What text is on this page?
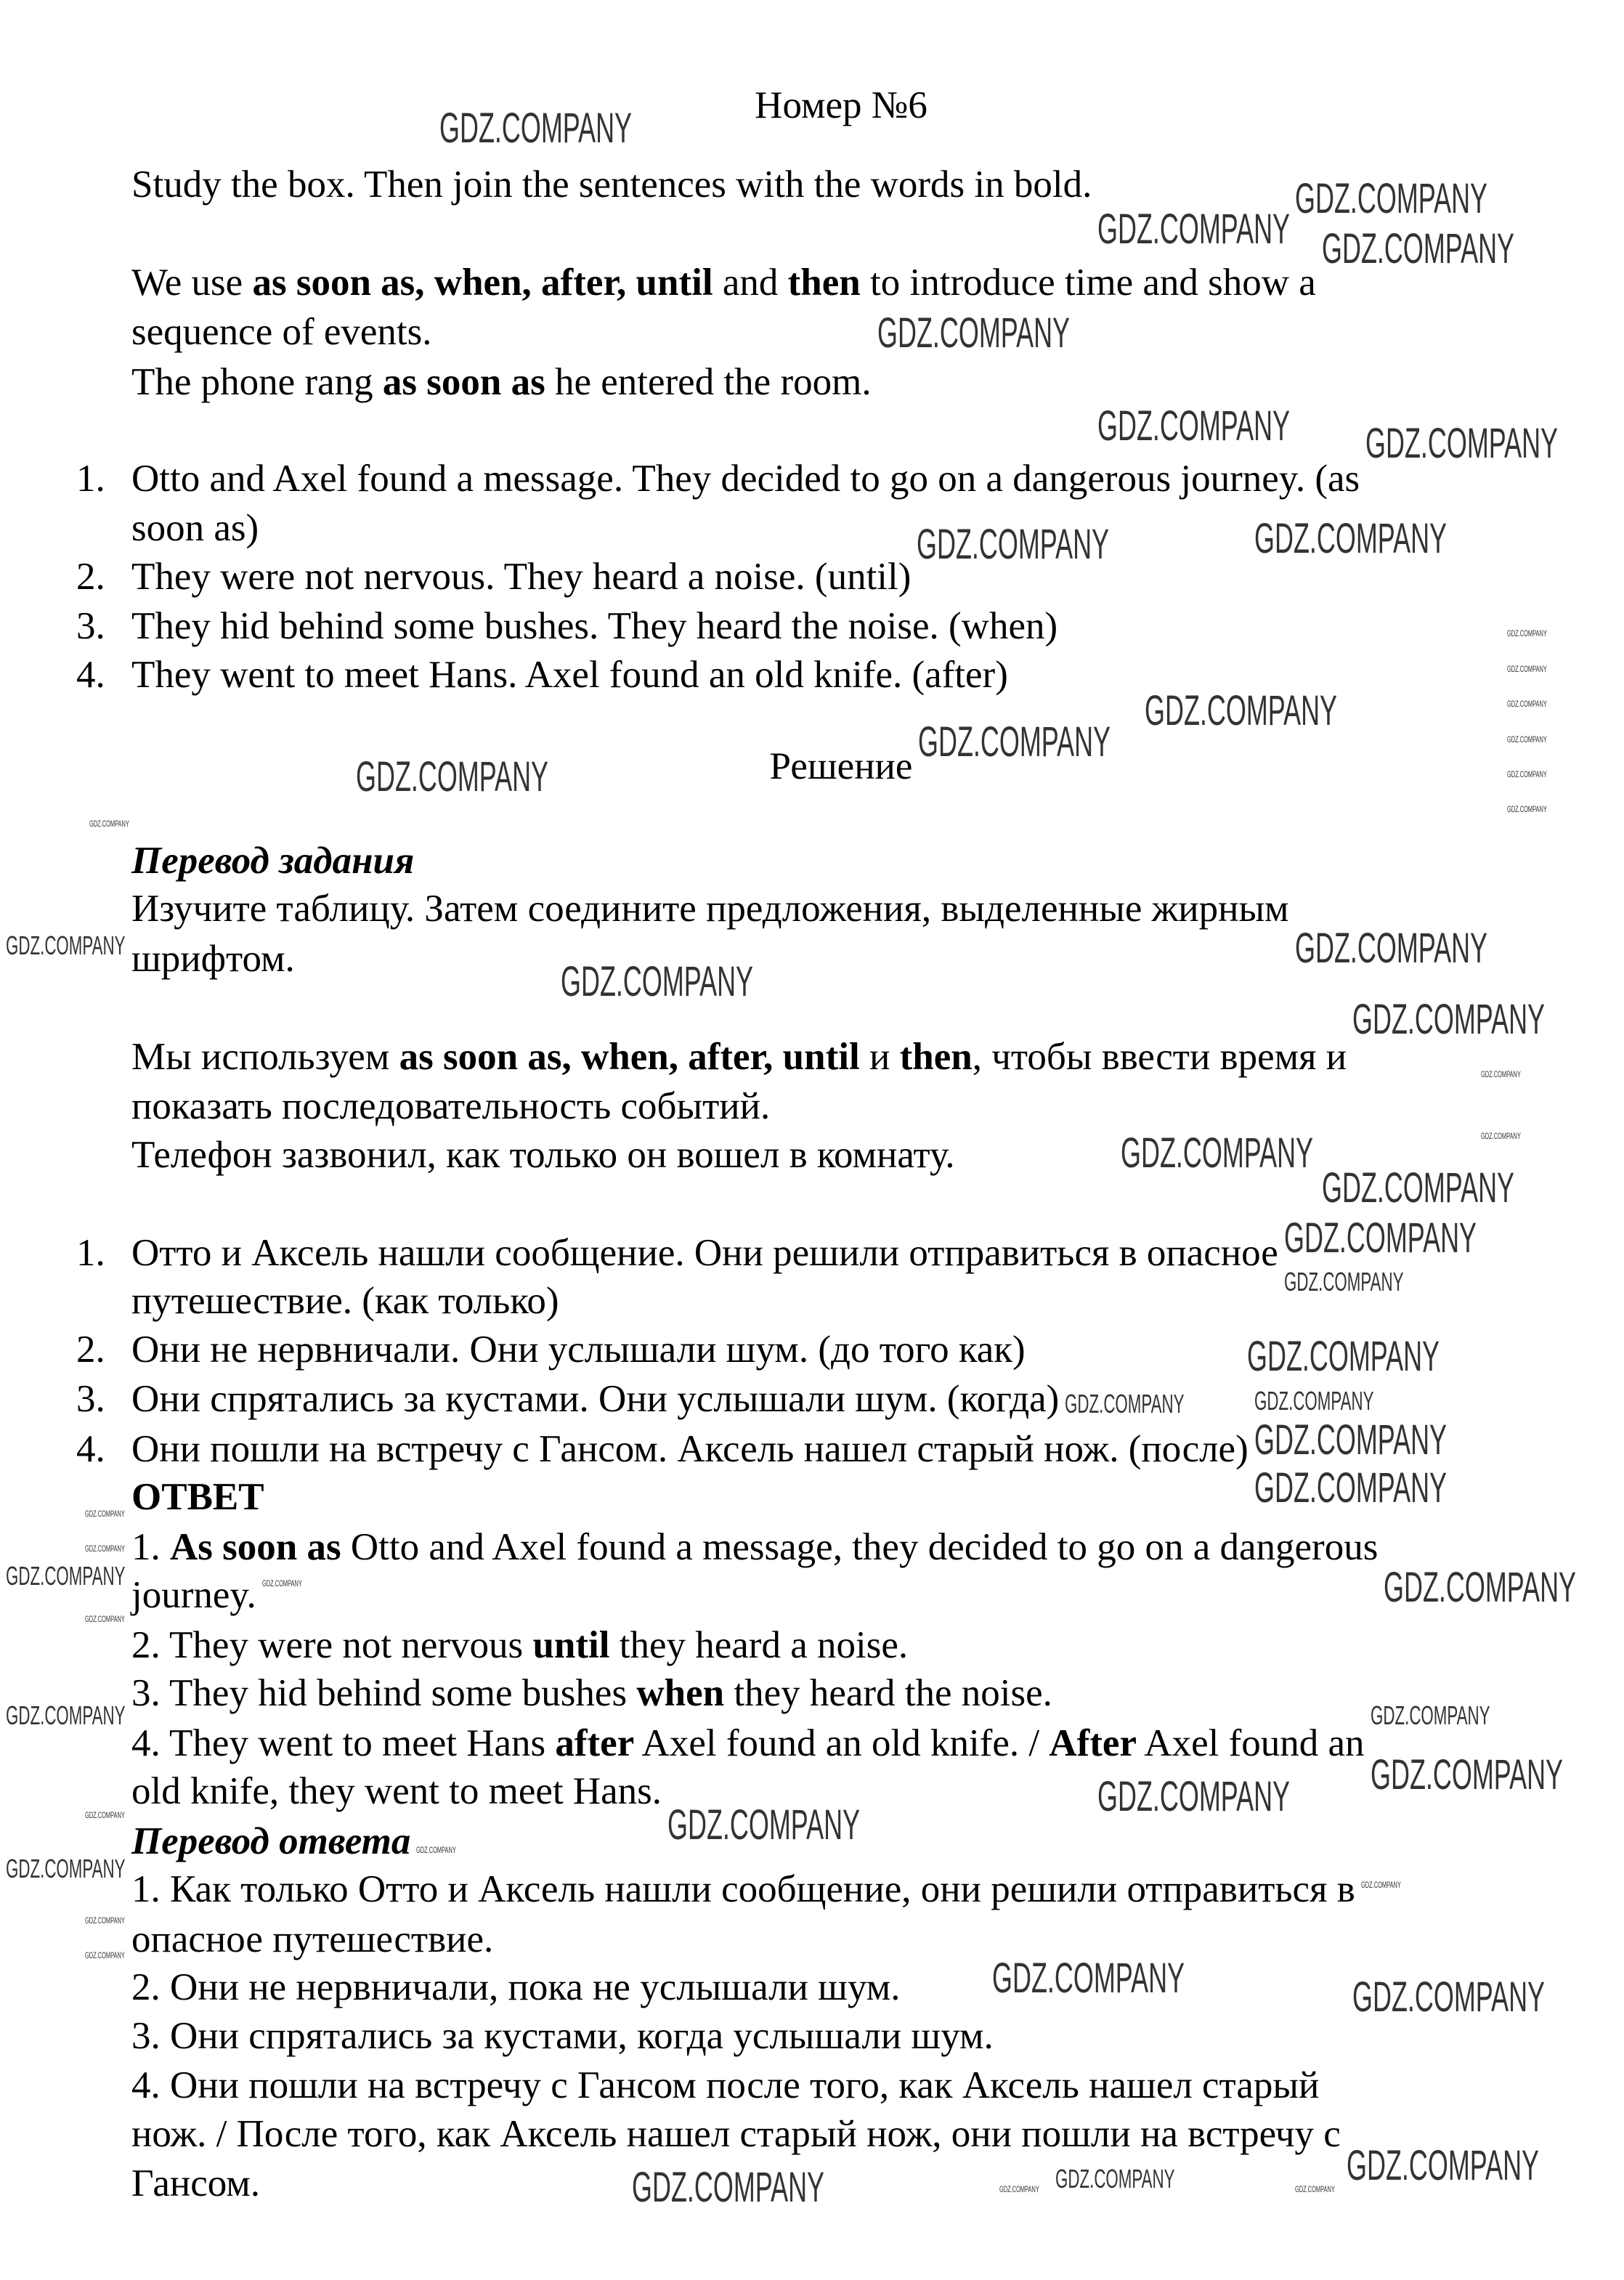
Номер №6
Решение
Study the box. Then join the sentences with the words in bold.
We use as soon as, when, after, until and then to introduce time and show a
sequence of events.
The phone rang as soon as he entered the room.
1. Otto and Axel found a message. They decided to go on a dangerous journey. (as
soon as)
2. They were not nervous. They heard a noise. (until)
3. They hid behind some bushes. They heard the noise. (when)
4. They went to meet Hans. Axel found an old knife. (after)
Перевод задания
Изучите таблицу. Затем соедините предложения, выделенные жирным
шрифтом.
Мы используем as soon as, when, after, until и then, чтобы ввести время и
показать последовательность событий.
Телефон зазвонил, как только он вошел в комнату.
1. Отто и Аксель нашли сообщение. Они решили отправиться в опасное
путешествие. (как только)
2. Они не нервничали. Они услышали шум. (до того как)
3. Они спрятались за кустами. Они услышали шум. (когда)
4. Они пошли на встречу с Гансом. Аксель нашел старый нож. (после)
ОТВЕТ
1. As soon as Otto and Axel found a message, they decided to go on a dangerous
journey.
2. They were not nervous until they heard a noise.
3. They hid behind some bushes when they heard the noise.
4. They went to meet Hans after Axel found an old knife. / After Axel found an
old knife, they went to meet Hans.
Перевод ответа
1. Как только Отто и Аксель нашли сообщение, они решили отправиться в
опасное путешествие.
2. Они не нервничали, пока не услышали шум.
3. Они спрятались за кустами, когда услышали шум.
4. Они пошли на встречу с Гансом после того, как Аксель нашел старый
нож. / После того, как Аксель нашел старый нож, они пошли на встречу с
Гансом.
GDZ.COMPANY
GDZ.COMPANY
GDZ.COMPANY
GDZ.COMPANY
GDZ.COMPANY
GDZ.COMPANY
GDZ.COMPANY
GDZ.COMPANY	GDZ.COMPANY
GDZ.COMPANY
GDZ.COMPANY
GDZ.COMPANY
GDZ.COMPANY
GDZ.COMPANY
GDZ.COMPANY
GDZ.COMPANY
GDZ.COMPANY
GDZ.COMPANY
GDZ.COMPANY
GDZ.COMPANY
GDZ.COMPANY
GDZ.COMPANY
GDZ.COMPANY
GDZ.COMPANY
GDZ.COMPANY
GDZ.COMPANY	GDZ.COMPANY
GDZ.COMPANY
GDZ.COMPANY
GDZ.COMPANY
GDZ.COMPANY
GDZ.COMPANY
GDZ.COMPANY
GDZ.COMPANY
GDZ.COMPANY	GDZ.COMPANY
GDZ.COMPANY	GDZ.COMPANY
GDZ.COMPANY
GDZ.COMPANY
GDZ.COMPANY
GDZ.COMPANY
GDZ.COMPANY
GDZ.COMPANY
GDZ.COMPANY
GDZ.COMPANY
GDZ.COMPANY
GDZ.COMPANY
GDZ.COMPANY
GDZ.COMPANY
GDZ.COMPANY
GDZ.COMPANY
GDZ.COMPANY
GDZ.COMPANY
GDZ.COMPANY
GDZ.COMPANY
GDZ.COMPANY
GDZ.COMPANY
